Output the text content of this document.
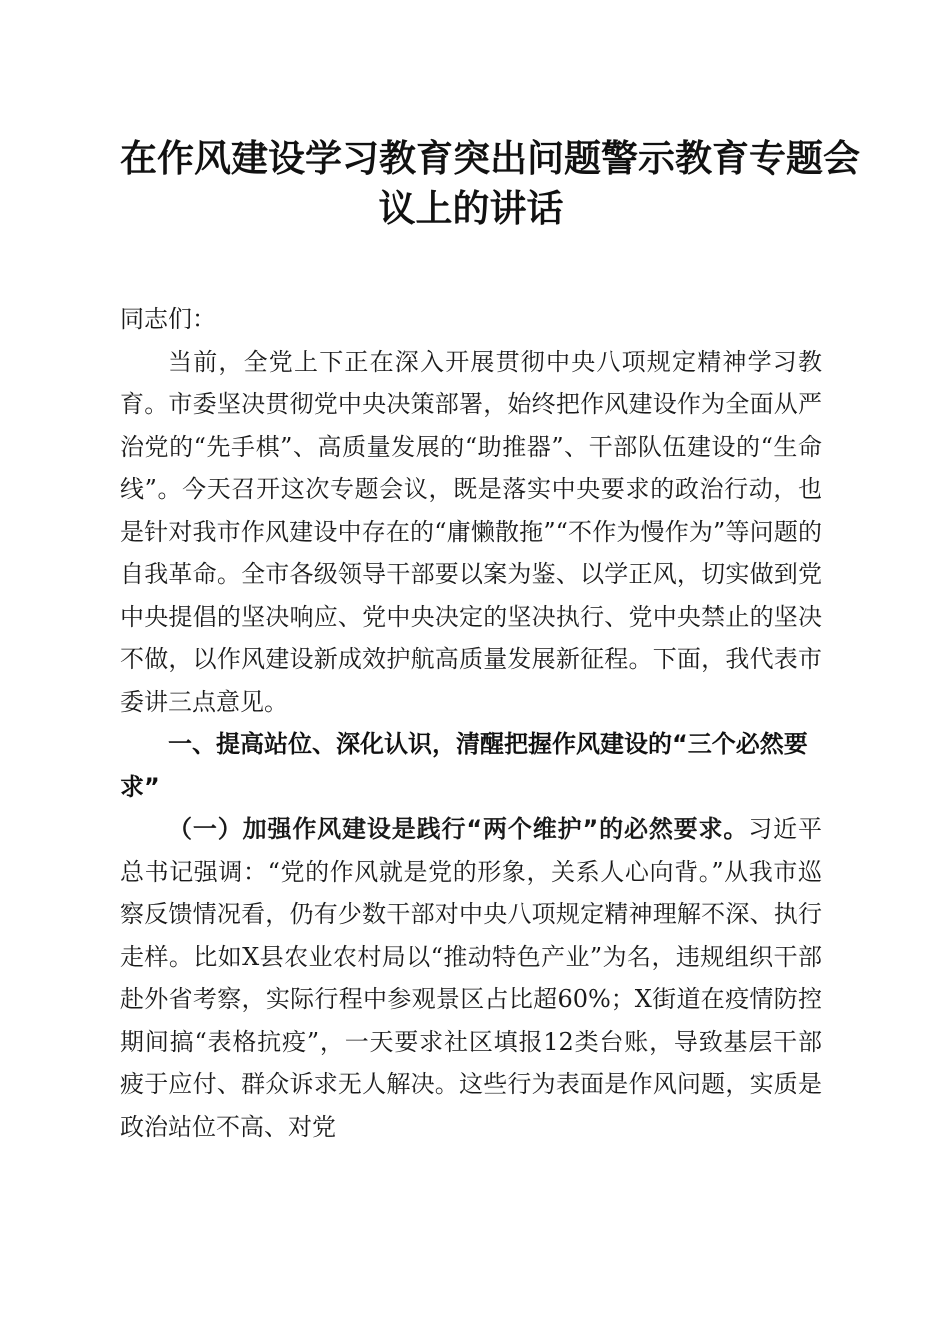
在作风建设学习教育突出问题警示教育专题会
议上的讲话

同志们：

当前，全党上下正在深入开展贯彻中央八项规定精神学习教育。市委坚决贯彻党中央决策部署，始终把作风建设作为全面从严治党的“先手棋”、高质量发展的“助推器”、干部队伍建设的“生命线”。今天召开这次专题会议，既是落实中央要求的政治行动，也是针对我市作风建设中存在的“庸懒散拖”“不作为慢作为”等问题的自我革命。全市各级领导干部要以案为鉴、以学正风，切实做到党中央提倡的坚决响应、党中央决定的坚决执行、党中央禁止的坚决不做，以作风建设新成效护航高质量发展新征程。下面，我代表市委讲三点意见。

一、提高站位、深化认识，清醒把握作风建设的“三个必然要求”

（一）加强作风建设是践行“两个维护”的必然要求。习近平总书记强调：“党的作风就是党的形象，关系人心向背。”从我市巡察反馈情况看，仍有少数干部对中央八项规定精神理解不深、执行走样。比如X县农业农村局以“推动特色产业”为名，违规组织干部赴外省考察，实际行程中参观景区占比超60%；X街道在疫情防控期间搞“表格抗疫”，一天要求社区填报12类台账，导致基层干部疲于应付、群众诉求无人解决。这些行为表面是作风问题，实质是政治站位不高、对党
